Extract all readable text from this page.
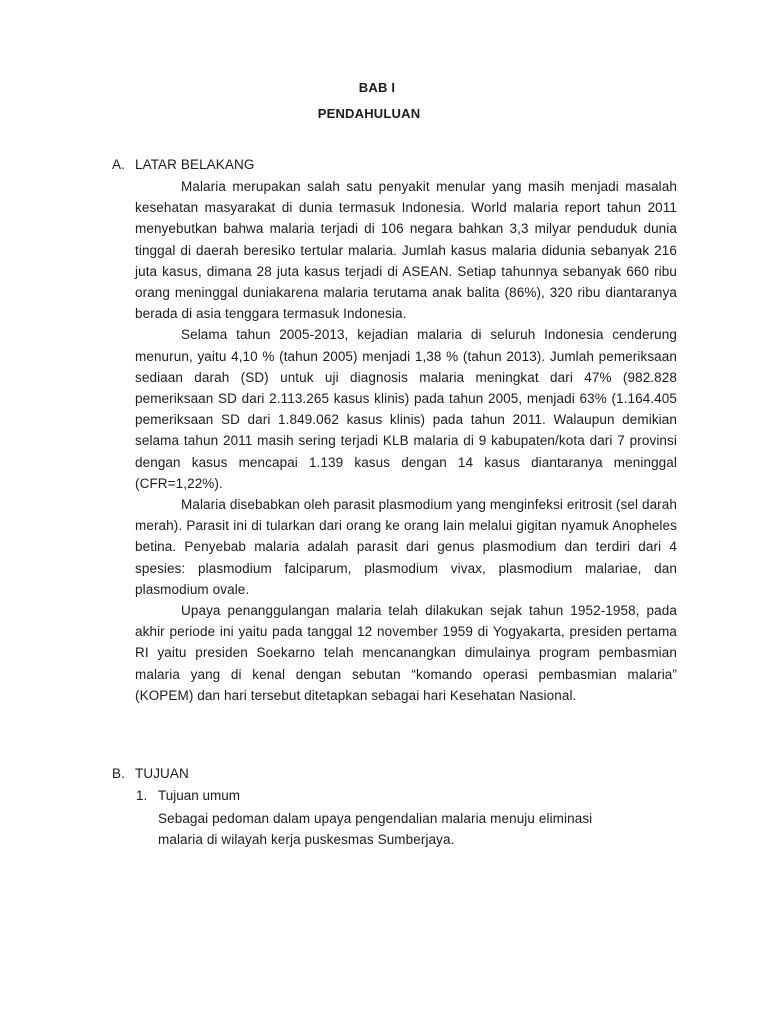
BAB I
PENDAHULUAN
A. LATAR BELAKANG

Malaria merupakan salah satu penyakit menular yang masih menjadi masalah kesehatan masyarakat di dunia termasuk Indonesia. World malaria report tahun 2011 menyebutkan bahwa malaria terjadi di 106 negara bahkan 3,3 milyar penduduk dunia tinggal di daerah beresiko tertular malaria. Jumlah kasus malaria didunia sebanyak 216 juta kasus, dimana 28 juta kasus terjadi di ASEAN. Setiap tahunnya sebanyak 660 ribu orang meninggal duniakarena malaria terutama anak balita (86%), 320 ribu diantaranya berada di asia tenggara termasuk Indonesia.

Selama tahun 2005-2013, kejadian malaria di seluruh Indonesia cenderung menurun, yaitu 4,10 % (tahun 2005) menjadi 1,38 % (tahun 2013). Jumlah pemeriksaan sediaan darah (SD) untuk uji diagnosis malaria meningkat dari 47% (982.828 pemeriksaan SD dari 2.113.265 kasus klinis) pada tahun 2005, menjadi 63% (1.164.405 pemeriksaan SD dari 1.849.062 kasus klinis) pada tahun 2011. Walaupun demikian selama tahun 2011 masih sering terjadi KLB malaria di 9 kabupaten/kota dari 7 provinsi dengan kasus mencapai 1.139 kasus dengan 14 kasus diantaranya meninggal (CFR=1,22%).

Malaria disebabkan oleh parasit plasmodium yang menginfeksi eritrosit (sel darah merah). Parasit ini di tularkan dari orang ke orang lain melalui gigitan nyamuk Anopheles betina. Penyebab malaria adalah parasit dari genus plasmodium dan terdiri dari 4 spesies: plasmodium falciparum, plasmodium vivax, plasmodium malariae, dan plasmodium ovale.

Upaya penanggulangan malaria telah dilakukan sejak tahun 1952-1958, pada akhir periode ini yaitu pada tanggal 12 november 1959 di Yogyakarta, presiden pertama RI yaitu presiden Soekarno telah mencanangkan dimulainya program pembasmian malaria yang di kenal dengan sebutan “komando operasi pembasmian malaria” (KOPEM) dan hari tersebut ditetapkan sebagai hari Kesehatan Nasional.

B. TUJUAN
1. Tujuan umum

Sebagai pedoman dalam upaya pengendalian malaria menuju eliminasi

malaria di wilayah kerja puskesmas Sumberjaya.
